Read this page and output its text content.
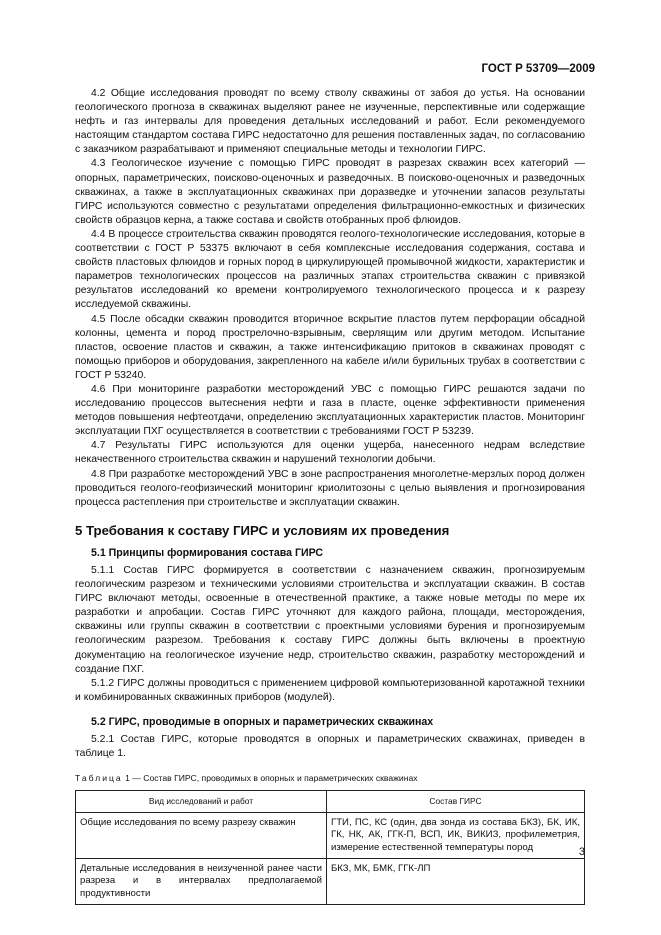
ГОСТ Р 53709—2009

4.2 Общие исследования проводят по всему стволу скважины от забоя до устья. На основании геологического прогноза в скважинах выделяют ранее не изученные, перспективные или содержащие нефть и газ интервалы для проведения детальных исследований и работ. Если рекомендуемого настоящим стандартом состава ГИРС недостаточно для решения поставленных задач, по согласованию с заказчиком разрабатывают и применяют специальные методы и технологии ГИРС.

4.3 Геологическое изучение с помощью ГИРС проводят в разрезах скважин всех категорий — опорных, параметрических, поисково-оценочных и разведочных. В поисково-оценочных и разведочных скважинах, а также в эксплуатационных скважинах при доразведке и уточнении запасов результаты ГИРС используются совместно с результатами определения фильтрационно-емкостных и физических свойств образцов керна, а также состава и свойств отобранных проб флюидов.

4.4 В процессе строительства скважин проводятся геолого-технологические исследования, которые в соответствии с ГОСТ Р 53375 включают в себя комплексные исследования содержания, состава и свойств пластовых флюидов и горных пород в циркулирующей промывочной жидкости, характеристик и параметров технологических процессов на различных этапах строительства скважин с привязкой результатов исследований ко времени контролируемого технологического процесса и к разрезу исследуемой скважины.

4.5 После обсадки скважин проводится вторичное вскрытие пластов путем перфорации обсадной колонны, цемента и пород прострелочно-взрывным, сверлящим или другим методом. Испытание пластов, освоение пластов и скважин, а также интенсификацию притоков в скважинах проводят с помощью приборов и оборудования, закрепленного на кабеле и/или бурильных трубах в соответствии с ГОСТ Р 53240.

4.6 При мониторинге разработки месторождений УВС с помощью ГИРС решаются задачи по исследованию процессов вытеснения нефти и газа в пласте, оценке эффективности применения методов повышения нефтеотдачи, определению эксплуатационных характеристик пластов. Мониторинг эксплуатации ПХГ осуществляется в соответствии с требованиями ГОСТ Р 53239.

4.7 Результаты ГИРС используются для оценки ущерба, нанесенного недрам вследствие некачественного строительства скважин и нарушений технологии добычи.

4.8 При разработке месторождений УВС в зоне распространения многолетне-мерзлых пород должен проводиться геолого-геофизический мониторинг криолитозоны с целью выявления и прогнозирования процесса растепления при строительстве и эксплуатации скважин.

5 Требования к составу ГИРС и условиям их проведения
5.1 Принципы формирования состава ГИРС

5.1.1 Состав ГИРС формируется в соответствии с назначением скважин, прогнозируемым геологическим разрезом и техническими условиями строительства и эксплуатации скважин. В состав ГИРС включают методы, освоенные в отечественной практике, а также новые методы по мере их разработки и апробации. Состав ГИРС уточняют для каждого района, площади, месторождения, скважины или группы скважин в соответствии с проектными условиями бурения и прогнозируемым геологическим разрезом. Требования к составу ГИРС должны быть включены в проектную документацию на геологическое изучение недр, строительство скважин, разработку месторождений и создание ПХГ.

5.1.2 ГИРС должны проводиться с применением цифровой компьютеризованной каротажной техники и комбинированных скважинных приборов (модулей).

5.2 ГИРС, проводимые в опорных и параметрических скважинах

5.2.1 Состав ГИРС, которые проводятся в опорных и параметрических скважинах, приведен в таблице 1.

Таблица 1 — Состав ГИРС, проводимых в опорных и параметрических скважинах
Вид исследований и работ	Состав ГИРС
Общие исследования по всему разрезу скважин	ГТИ, ПС, КС (один, два зонда из состава БКЗ), БК, ИК, ГК, НК, АК, ГГК-П, ВСП, ИК, ВИКИЗ, профилеметрия, измерение естественной температуры пород
Детальные исследования в неизученной ранее части разреза и в интервалах предполагаемой продуктивности	БКЗ, МК, БМК, ГГК-ЛП
3
